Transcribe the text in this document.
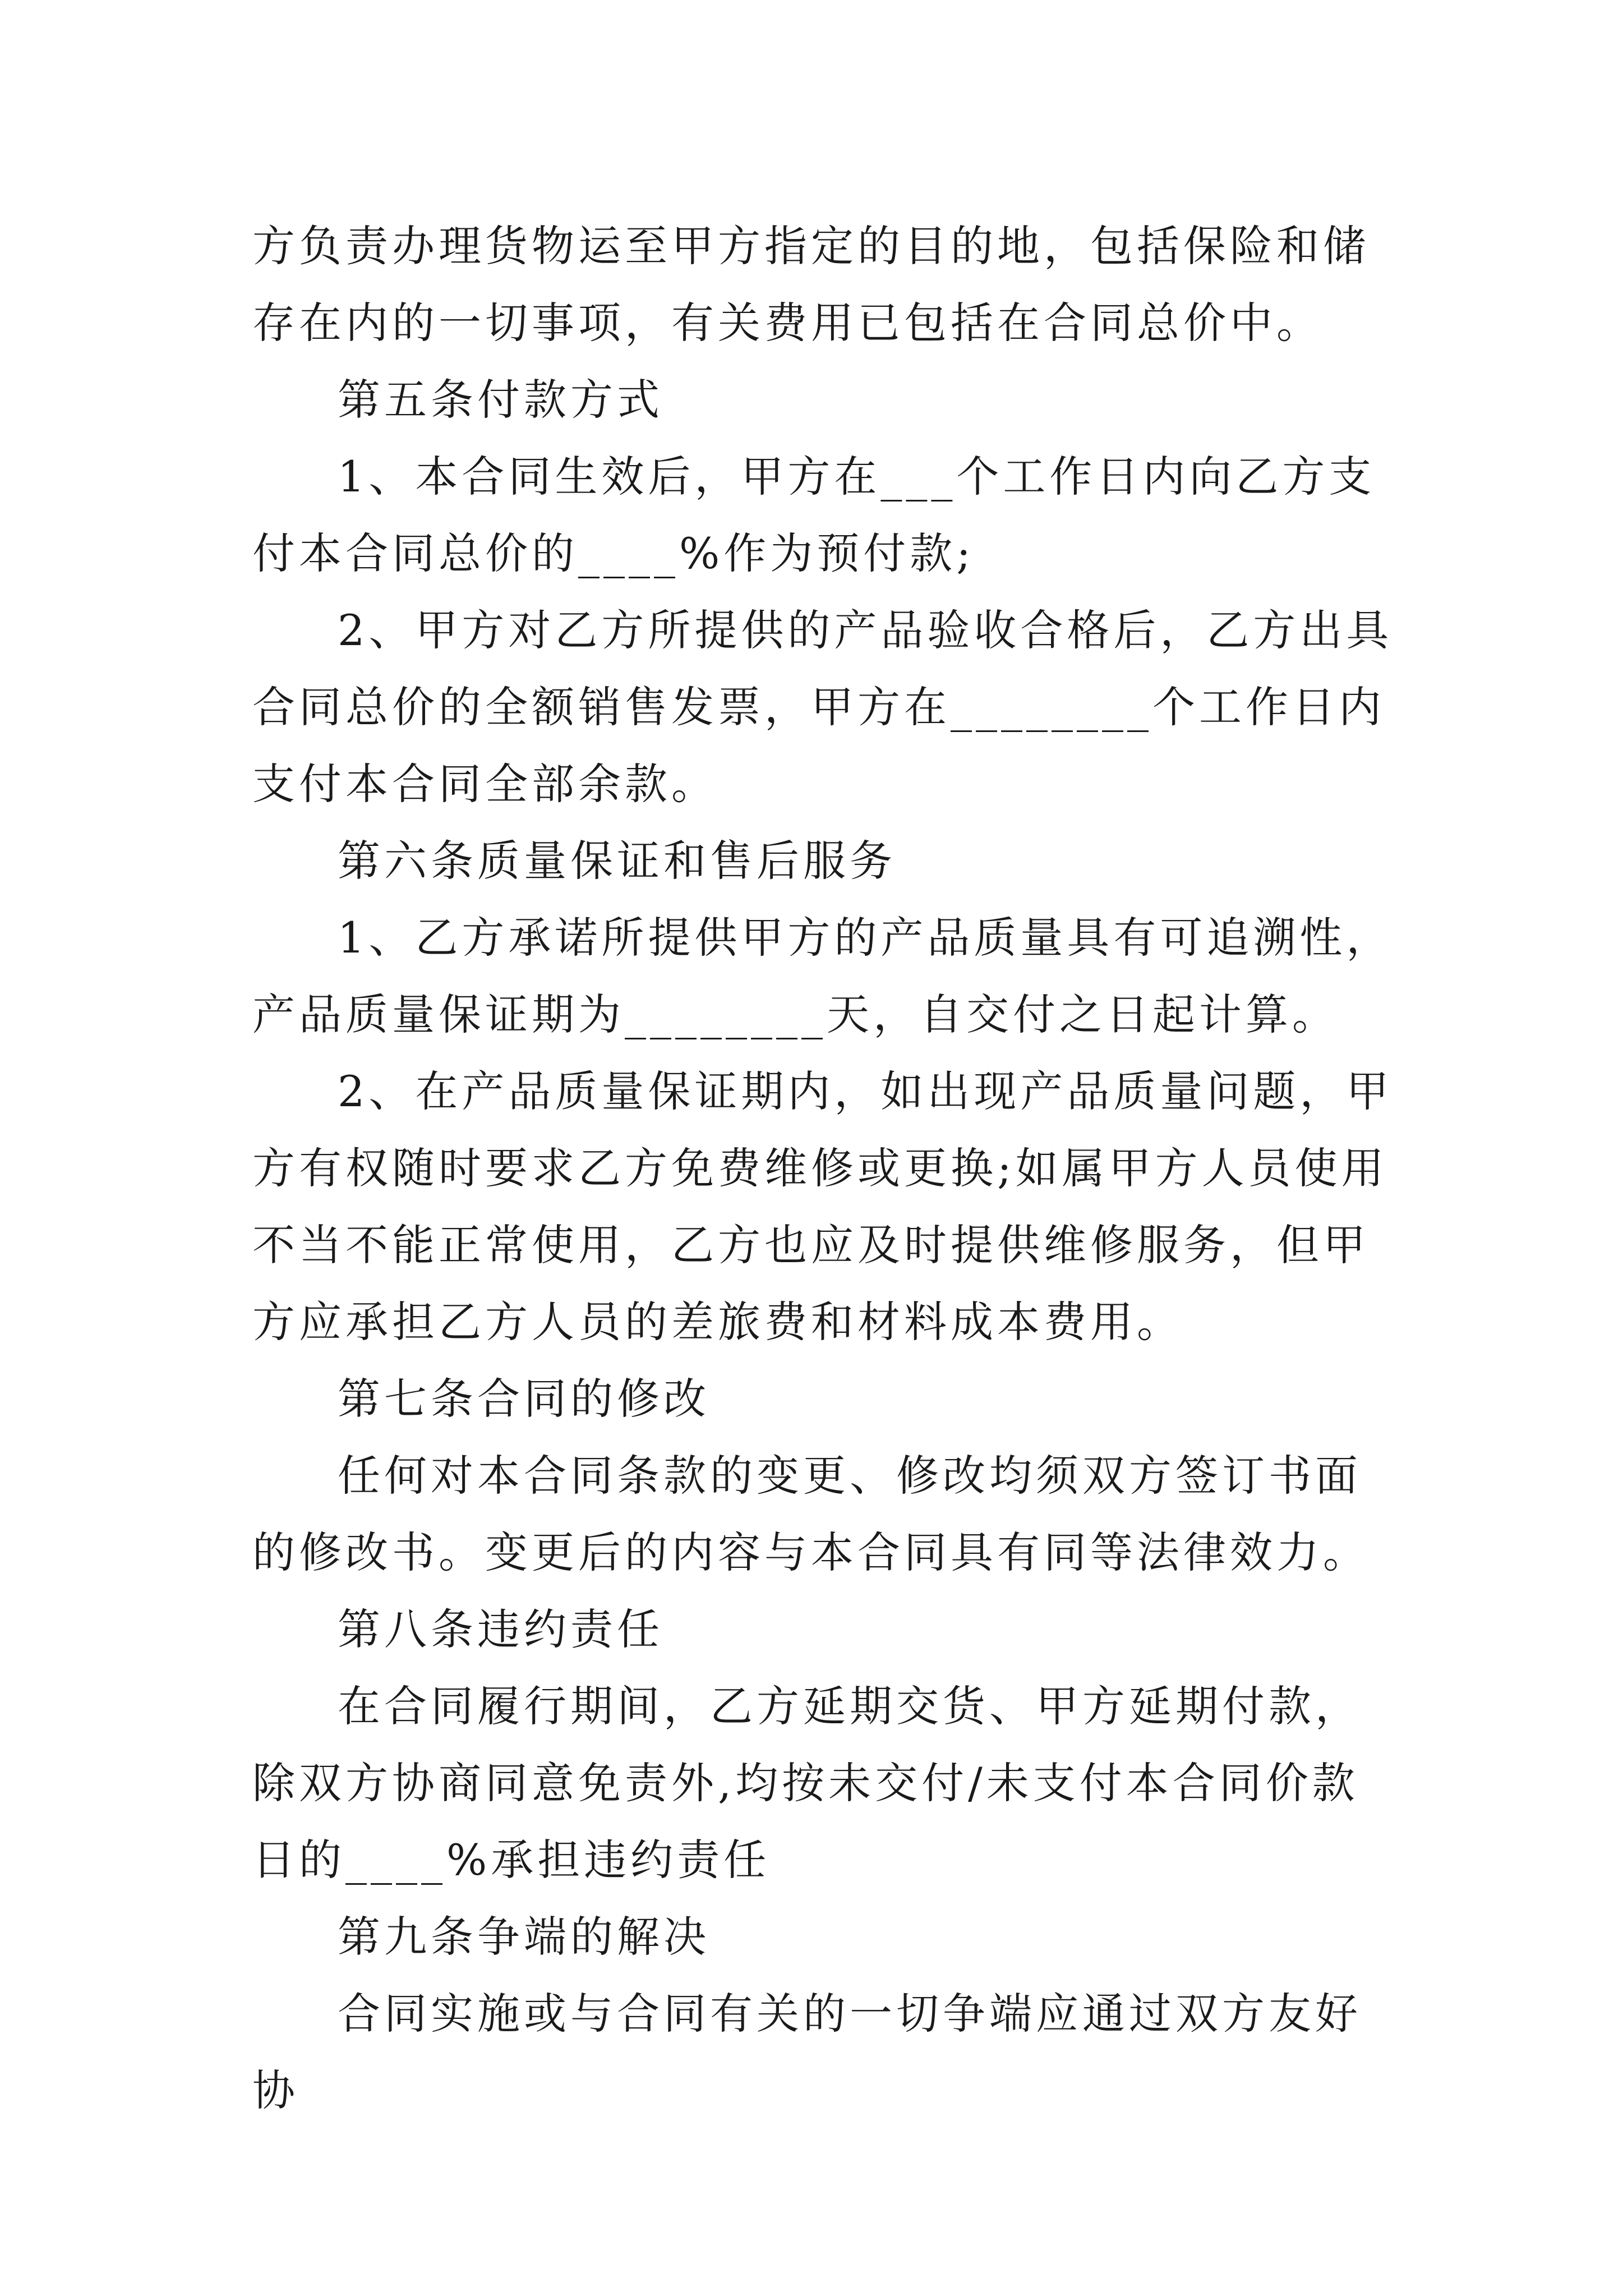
方负责办理货物运至甲方指定的目的地，包括保险和储存在内的一切事项，有关费用已包括在合同总价中。

第五条付款方式

1、本合同生效后，甲方在___个工作日内向乙方支付本合同总价的____%作为预付款;

2、甲方对乙方所提供的产品验收合格后，乙方出具合同总价的全额销售发票，甲方在________个工作日内支付本合同全部余款。

第六条质量保证和售后服务

1、乙方承诺所提供甲方的产品质量具有可追溯性，产品质量保证期为________天，自交付之日起计算。

2、在产品质量保证期内，如出现产品质量问题，甲方有权随时要求乙方免费维修或更换;如属甲方人员使用不当不能正常使用，乙方也应及时提供维修服务，但甲方应承担乙方人员的差旅费和材料成本费用。

第七条合同的修改

任何对本合同条款的变更、修改均须双方签订书面的修改书。变更后的内容与本合同具有同等法律效力。

第八条违约责任

在合同履行期间，乙方延期交货、甲方延期付款，除双方协商同意免责外,均按未交付/未支付本合同价款日的____%承担违约责任

第九条争端的解决

合同实施或与合同有关的一切争端应通过双方友好协
